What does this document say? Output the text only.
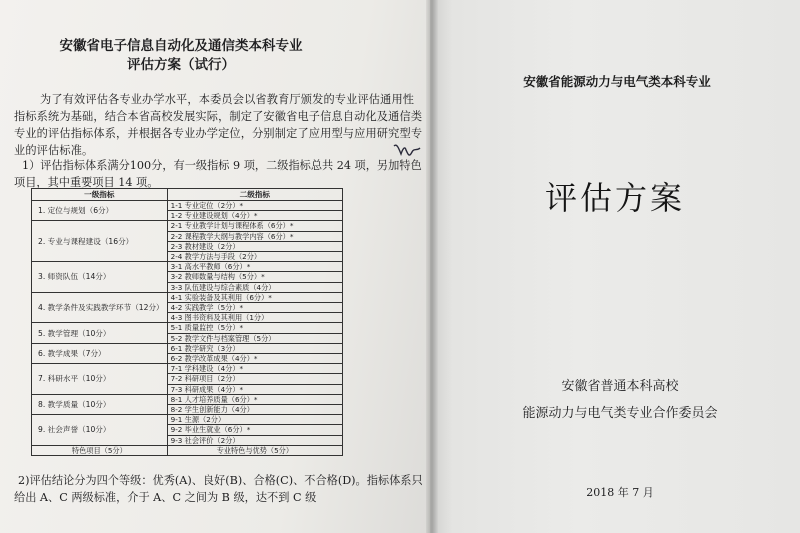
安徽省电子信息自动化及通信类本科专业
评估方案（试行）
为了有效评估各专业办学水平，本委员会以省教育厅颁发的专业评估通用性指标系统为基础，结合本省高校发展实际，制定了安徽省电子信息自动化及通信类专业的评估指标体系，并根据各专业办学定位，分别制定了应用型与应用研究型专业的评估标准。
1）评估指标体系满分100分，有一级指标 9 项，二级指标总共 24 项，另加特色项目，其中重要项目 14 项。
一级指标	二级指标
1. 定位与规划（6分）	1-1 专业定位（2分）*
	1-2 专业建设规划（4分）*
2. 专业与课程建设（16分）	2-1 专业教学计划与课程体系（6分）*
	2-2 课程教学大纲与教学内容（6分）*
	2-3 教材建设（2分）
	2-4 教学方法与手段（2分）
3. 师资队伍（14分）	3-1 高水平教师（6分）*
	3-2 教师数量与结构（5分）*
	3-3 队伍建设与综合素质（4分）
4. 教学条件及实践教学环节（12分）	4-1 实验装备及其利用（6分）*
	4-2 实践教学（5分）*
	4-3 图书资料及其利用（1分）
5. 教学管理（10分）	5-1 质量监控（5分）*
	5-2 教学文件与档案管理（5分）
6. 教学成果（7分）	6-1 教学研究（3分）
	6-2 教学改革成果（4分）*
7. 科研水平（10分）	7-1 学科建设（4分）*
	7-2 科研项目（2分）
	7-3 科研成果（4分）*
8. 教学质量（10分）	8-1 人才培养质量（6分）*
	8-2 学生创新能力（4分）
9. 社会声誉（10分）	9-1 生源（2分）
	9-2 毕业生就业（6分）*
	9-3 社会评价（2分）
特色项目（5分）	专业特色与优势（5分）
2)评估结论分为四个等级：优秀(A)、良好(B)、合格(C)、不合格(D)。指标体系只给出 A、C 两级标准，介于 A、C 之间为 B 级，达不到 C 级
安徽省能源动力与电气类本科专业
评估方案
安徽省普通本科高校
能源动力与电气类专业合作委员会
2018 年 7 月
